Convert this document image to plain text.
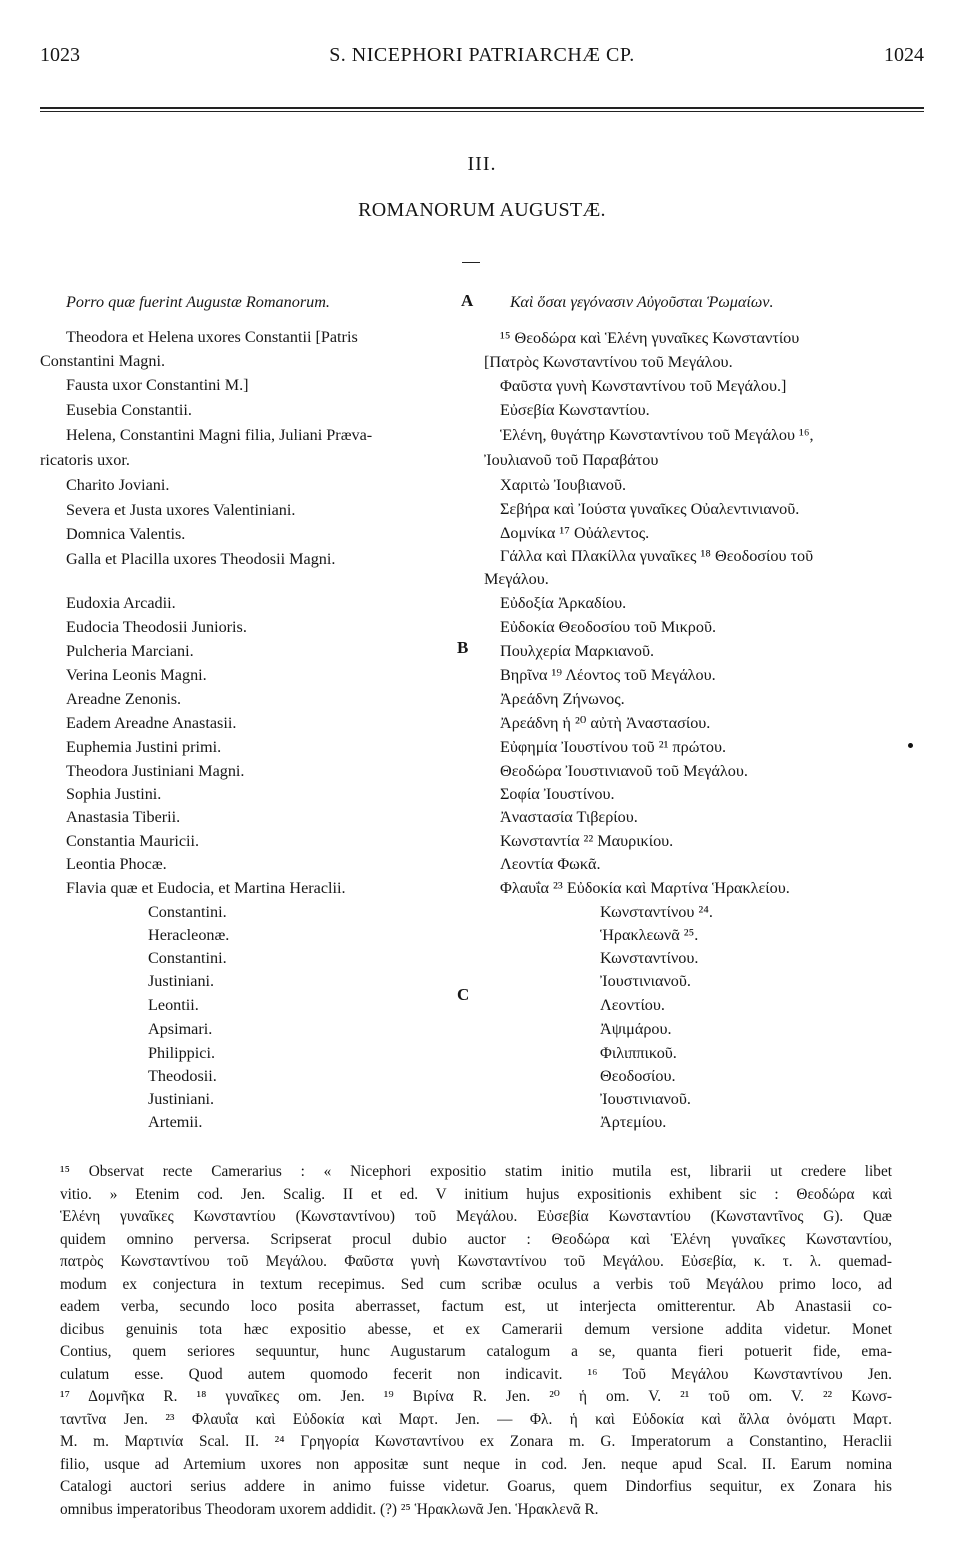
1023	S. NICEPHORI PATRIARCHÆ CP.	1024
III.
ROMANORUM AUGUSTÆ.
A
B
C
Porro quæ fuerint Augustæ Romanorum.
Theodora et Helena uxores Constantii [Patris
Constantini Magni.
Fausta uxor Constantini M.]
Eusebia Constantii.
Helena, Constantini Magni filia, Juliani Præva-
ricatoris uxor.
Charito Joviani.
Severa et Justa uxores Valentiniani.
Domnica Valentis.
Galla et Placilla uxores Theodosii Magni.
Eudoxia Arcadii.
Eudocia Theodosii Junioris.
Pulcheria Marciani.
Verina Leonis Magni.
Areadne Zenonis.
Eadem Areadne Anastasii.
Euphemia Justini primi.
Theodora Justiniani Magni.
Sophia Justini.
Anastasia Tiberii.
Constantia Mauricii.
Leontia Phocæ.
Flavia quæ et Eudocia, et Martina Heraclii.
Constantini.
Heracleonæ.
Constantini.
Justiniani.
Leontii.
Apsimari.
Philippici.
Theodosii.
Justiniani.
Artemii.
Καὶ ὅσαι γεγόνασιν Αὐγοῦσται Ῥωμαίων.
¹⁵ Θεοδώρα καὶ Ἑλένη γυναῖκες Κωνσταντίου
[Πατρὸς Κωνσταντίνου τοῦ Μεγάλου.
Φαῦστα γυνὴ Κωνσταντίνου τοῦ Μεγάλου.]
Εὐσεβία Κωνσταντίου.
Ἑλένη, θυγάτηρ Κωνσταντίνου τοῦ Μεγάλου ¹⁶,
Ἰουλιανοῦ τοῦ Παραβάτου
Χαριτὼ Ἰουβιανοῦ.
Σεβήρα καὶ Ἰούστα γυναῖκες Οὐαλεντινιανοῦ.
Δομνίκα ¹⁷ Οὐάλεντος.
Γάλλα καὶ Πλακίλλα γυναῖκες ¹⁸ Θεοδοσίου τοῦ
Μεγάλου.
Εὐδοξία Ἀρκαδίου.
Εὐδοκία Θεοδοσίου τοῦ Μικροῦ.
Πουλχερία Μαρκιανοῦ.
Βηρῖνα ¹⁹ Λέοντος τοῦ Μεγάλου.
Ἀρεάδνη Ζήνωνος.
Ἀρεάδνη ἡ ²⁰ αὐτὴ Ἀναστασίου.
Εὐφημία Ἰουστίνου τοῦ ²¹ πρώτου.
Θεοδώρα Ἰουστινιανοῦ τοῦ Μεγάλου.
Σοφία Ἰουστίνου.
Ἀναστασία Τιβερίου.
Κωνσταντία ²² Μαυρικίου.
Λεοντία Φωκᾶ.
Φλαυΐα ²³ Εὐδοκία καὶ Μαρτίνα Ἡρακλείου.
Κωνσταντίνου ²⁴.
Ἡρακλεωνᾶ ²⁵.
Κωνσταντίνου.
Ἰουστινιανοῦ.
Λεοντίου.
Ἀψιμάρου.
Φιλιππικοῦ.
Θεοδοσίου.
Ἰουστινιανοῦ.
Ἀρτεμίου.
¹⁵ Observat recte Camerarius : « Nicephori expositio statim initio mutila est, librarii ut credere libet
vitio. » Etenim cod. Jen. Scalig. II et ed. V initium hujus expositionis exhibent sic : Θεοδώρα καὶ
Ἑλένη γυναῖκες Κωνσταντίου (Κωνσταντίνου) τοῦ Μεγάλου. Εὐσεβία Κωνσταντίου (Κωνσταντῖνος G). Quæ
quidem omnino perversa. Scripserat procul dubio auctor : Θεοδώρα καὶ Ἑλένη γυναῖκες Κωνσταντίου,
πατρὸς Κωνσταντίνου τοῦ Μεγάλου. Φαῦστα γυνὴ Κωνσταντίνου τοῦ Μεγάλου. Εὐσεβία, κ. τ. λ. quemad-
modum ex conjectura in textum recepimus. Sed cum scribæ oculus a verbis τοῦ Μεγάλου primo loco, ad
eadem verba, secundo loco posita aberrasset, factum est, ut interjecta omitterentur. Ab Anastasii co-
dicibus genuinis tota hæc expositio abesse, et ex Camerarii demum versione addita videtur. Monet
Contius, quem seriores sequuntur, hunc Augustarum catalogum a se, quanta fieri potuerit fide, ema-
culatum esse. Quod autem quomodo fecerit non indicavit. ¹⁶ Τοῦ Μεγάλου Κωνσταντίνου Jen.
¹⁷ Δομνῆκα R. ¹⁸ γυναῖκες om. Jen. ¹⁹ Βιρίνα R. Jen. ²⁰ ἡ om. V. ²¹ τοῦ om. V. ²² Κωνσ-
ταντῖνα Jen. ²³ Φλαυΐα καὶ Εὐδοκία καὶ Μαρτ. Jen. — Φλ. ἡ καὶ Εὐδοκία καὶ ἄλλα ὀνόματι Μαρτ.
M. m. Μαρτινία Scal. II. ²⁴ Γρηγορία Κωνσταντίνου ex Zonara m. G. Imperatorum a Constantino, Heraclii
filio, usque ad Artemium uxores non appositæ sunt neque in cod. Jen. neque apud Scal. II. Earum nomina
Catalogi auctori serius addere in animo fuisse videtur. Goarus, quem Dindorfius sequitur, ex Zonara his
omnibus imperatoribus Theodoram uxorem addidit. (?) ²⁵ Ἡρακλωνᾶ Jen. Ἡρακλενᾶ R.
